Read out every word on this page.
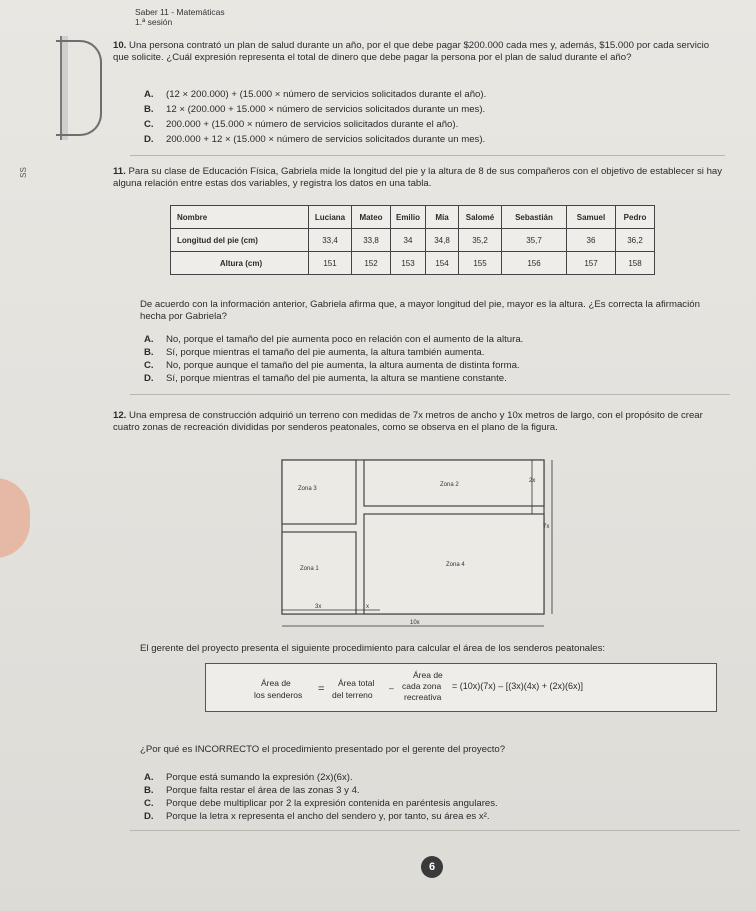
SS
Saber 11 - Matemáticas
1.ª sesión
10. Una persona contrató un plan de salud durante un año, por el que debe pagar $200.000 cada mes y, además, $15.000 por cada servicio que solicite. ¿Cuál expresión representa el total de dinero que debe pagar la persona por el plan de salud durante el año?
A. (12 × 200.000) + (15.000 × número de servicios solicitados durante el año).
B. 12 × (200.000 + 15.000 × número de servicios solicitados durante un mes).
C. 200.000 + (15.000 × número de servicios solicitados durante el año).
D. 200.000 + 12 × (15.000 × número de servicios solicitados durante un mes).
11. Para su clase de Educación Física, Gabriela mide la longitud del pie y la altura de 8 de sus compañeros con el objetivo de establecer si hay alguna relación entre estas dos variables, y registra los datos en una tabla.
Nombre	Luciana	Mateo	Emilio	Mía	Salomé	Sebastián	Samuel	Pedro
Longitud del pie (cm)	33,4	33,8	34	34,8	35,2	35,7	36	36,2
Altura (cm)	151	152	153	154	155	156	157	158
De acuerdo con la información anterior, Gabriela afirma que, a mayor longitud del pie, mayor es la altura. ¿Es correcta la afirmación hecha por Gabriela?
A. No, porque el tamaño del pie aumenta poco en relación con el aumento de la altura.
B. Sí, porque mientras el tamaño del pie aumenta, la altura también aumenta.
C. No, porque aunque el tamaño del pie aumenta, la altura aumenta de distinta forma.
D. Sí, porque mientras el tamaño del pie aumenta, la altura se mantiene constante.
12. Una empresa de construcción adquirió un terreno con medidas de 7x metros de ancho y 10x metros de largo, con el propósito de crear cuatro zonas de recreación divididas por senderos peatonales, como se observa en el plano de la figura.
Zona 3
Zona 2
Zona 1
Zona 4
2x
7x
3x	x
10x
El gerente del proyecto presenta el siguiente procedimiento para calcular el área de los senderos peatonales:
Área de
los senderos = Área total
del terreno
–
Área de
cada zona
recreativa
= (10x)(7x) – [(3x)(4x) + (2x)(6x)]
¿Por qué es INCORRECTO el procedimiento presentado por el gerente del proyecto?
A. Porque está sumando la expresión (2x)(6x).
B. Porque falta restar el área de las zonas 3 y 4.
C. Porque debe multiplicar por 2 la expresión contenida en paréntesis angulares.
D. Porque la letra x representa el ancho del sendero y, por tanto, su área es x².
6
